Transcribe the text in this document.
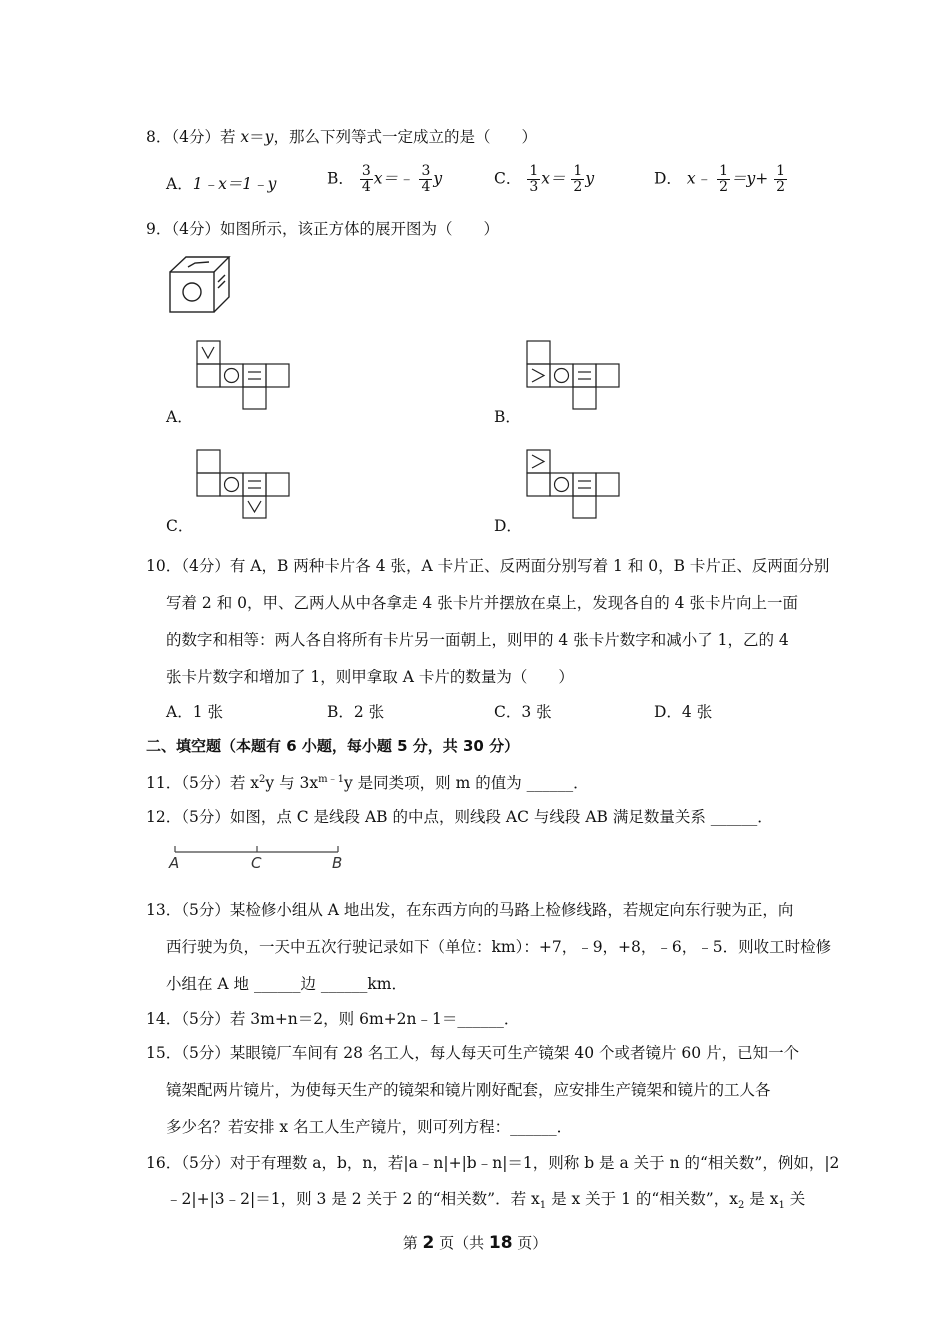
8．（4分）若 x＝y，那么下列等式一定成立的是（　　）
A．1﹣x＝1﹣y	B． $\frac{3}{4}$ x＝﹣ $\frac{3}{4}$ y	C． $\frac{1}{3} x= \frac{1}{2}$ y	D． x﹣ $\frac{1}{2} =y+ \frac{1}{2}$
9．（4分）如图所示，该正方体的展开图为（　　）
A．	B．
C．	D．
10．（4分）有 A，B 两种卡片各 4 张，A 卡片正、反两面分别写着 1 和 0，B 卡片正、反两面分别
写着 2 和 0，甲、乙两人从中各拿走 4 张卡片并摆放在桌上，发现各自的 4 张卡片向上一面
的数字和相等：两人各自将所有卡片另一面朝上，则甲的 4 张卡片数字和减小了 1，乙的 4
张卡片数字和增加了 1，则甲拿取 A 卡片的数量为（　　）
A．1 张	B．2 张	C．3 张	D．4 张
二、填空题（本题有 6 小题，每小题 5 分，共 30 分）
11．（5分）若 $x^2y$ 与 $3x^{m﹣1}y$ 是同类项，则 m 的值为 ______．
12．（5分）如图，点 C 是线段 AB 的中点，则线段 AC 与线段 AB 满足数量关系 ______．
A	C	B
13．（5分）某检修小组从 A 地出发，在东西方向的马路上检修线路，若规定向东行驶为正，向
西行驶为负，一天中五次行驶记录如下（单位：km）：+7，﹣9，+8，﹣6，﹣5．则收工时检修
小组在 A 地 ______边 ______km．
14．（5分）若 3m+n＝2，则 6m+2n﹣1＝______．
15．（5分）某眼镜厂车间有 28 名工人，每人每天可生产镜架 40 个或者镜片 60 片，已知一个
镜架配两片镜片，为使每天生产的镜架和镜片刚好配套，应安排生产镜架和镜片的工人各
多少名？若安排 x 名工人生产镜片，则可列方程：______．
16．（5分）对于有理数 a，b，n，若|a﹣n|+|b﹣n|＝1，则称 b 是 a 关于 n 的“相关数”，例如，|2
﹣2|+|3﹣2|＝1，则 3 是 2 关于 2 的“相关数”．若 $x_1$ 是 x 关于 1 的“相关数”，$x_2$ 是 $x_1$ 关
第 2 页（共 18 页）
